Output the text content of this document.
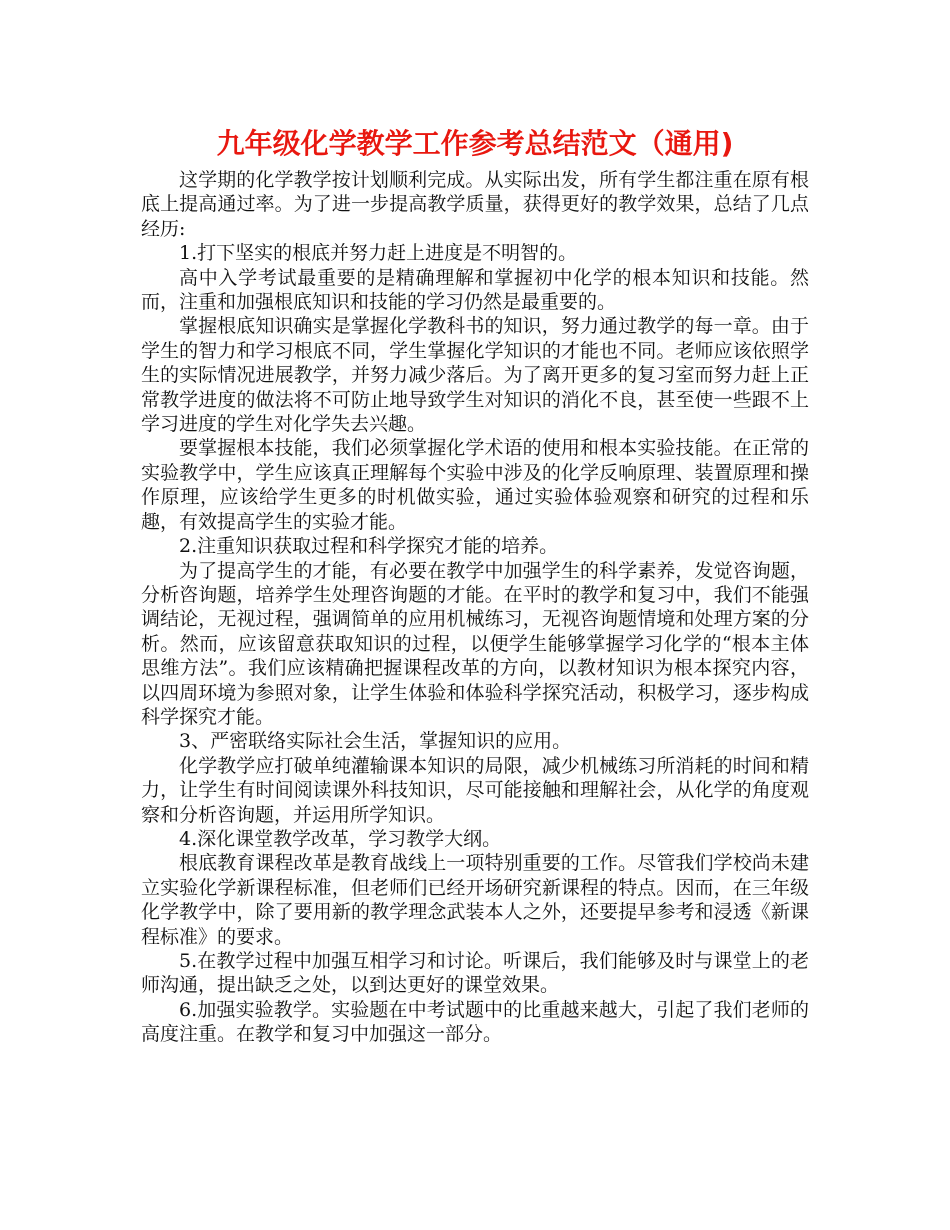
九年级化学教学工作参考总结范文（通用)

这学期的化学教学按计划顺利完成。从实际出发，所有学生都注重在原有根底上提高通过率。为了进一步提高教学质量，获得更好的教学效果，总结了几点经历:

1.打下坚实的根底并努力赶上进度是不明智的。

高中入学考试最重要的是精确理解和掌握初中化学的根本知识和技能。然而，注重和加强根底知识和技能的学习仍然是最重要的。

掌握根底知识确实是掌握化学教科书的知识，努力通过教学的每一章。由于学生的智力和学习根底不同，学生掌握化学知识的才能也不同。老师应该依照学生的实际情况进展教学，并努力减少落后。为了离开更多的复习室而努力赶上正常教学进度的做法将不可防止地导致学生对知识的消化不良，甚至使一些跟不上学习进度的学生对化学失去兴趣。

要掌握根本技能，我们必须掌握化学术语的使用和根本实验技能。在正常的实验教学中，学生应该真正理解每个实验中涉及的化学反响原理、装置原理和操作原理，应该给学生更多的时机做实验，通过实验体验观察和研究的过程和乐趣，有效提高学生的实验才能。

2.注重知识获取过程和科学探究才能的培养。

为了提高学生的才能，有必要在教学中加强学生的科学素养，发觉咨询题，分析咨询题，培养学生处理咨询题的才能。在平时的教学和复习中，我们不能强调结论，无视过程，强调简单的应用机械练习，无视咨询题情境和处理方案的分析。然而，应该留意获取知识的过程，以便学生能够掌握学习化学的“根本主体思维方法”。我们应该精确把握课程改革的方向，以教材知识为根本探究内容，以四周环境为参照对象，让学生体验和体验科学探究活动，积极学习，逐步构成科学探究才能。

3、严密联络实际社会生活，掌握知识的应用。

化学教学应打破单纯灌输课本知识的局限，减少机械练习所消耗的时间和精力，让学生有时间阅读课外科技知识，尽可能接触和理解社会，从化学的角度观察和分析咨询题，并运用所学知识。

4.深化课堂教学改革，学习教学大纲。

根底教育课程改革是教育战线上一项特别重要的工作。尽管我们学校尚未建立实验化学新课程标准，但老师们已经开场研究新课程的特点。因而，在三年级化学教学中，除了要用新的教学理念武装本人之外，还要提早参考和浸透《新课程标准》的要求。

5.在教学过程中加强互相学习和讨论。听课后，我们能够及时与课堂上的老师沟通，提出缺乏之处，以到达更好的课堂效果。

6.加强实验教学。实验题在中考试题中的比重越来越大，引起了我们老师的高度注重。在教学和复习中加强这一部分。
